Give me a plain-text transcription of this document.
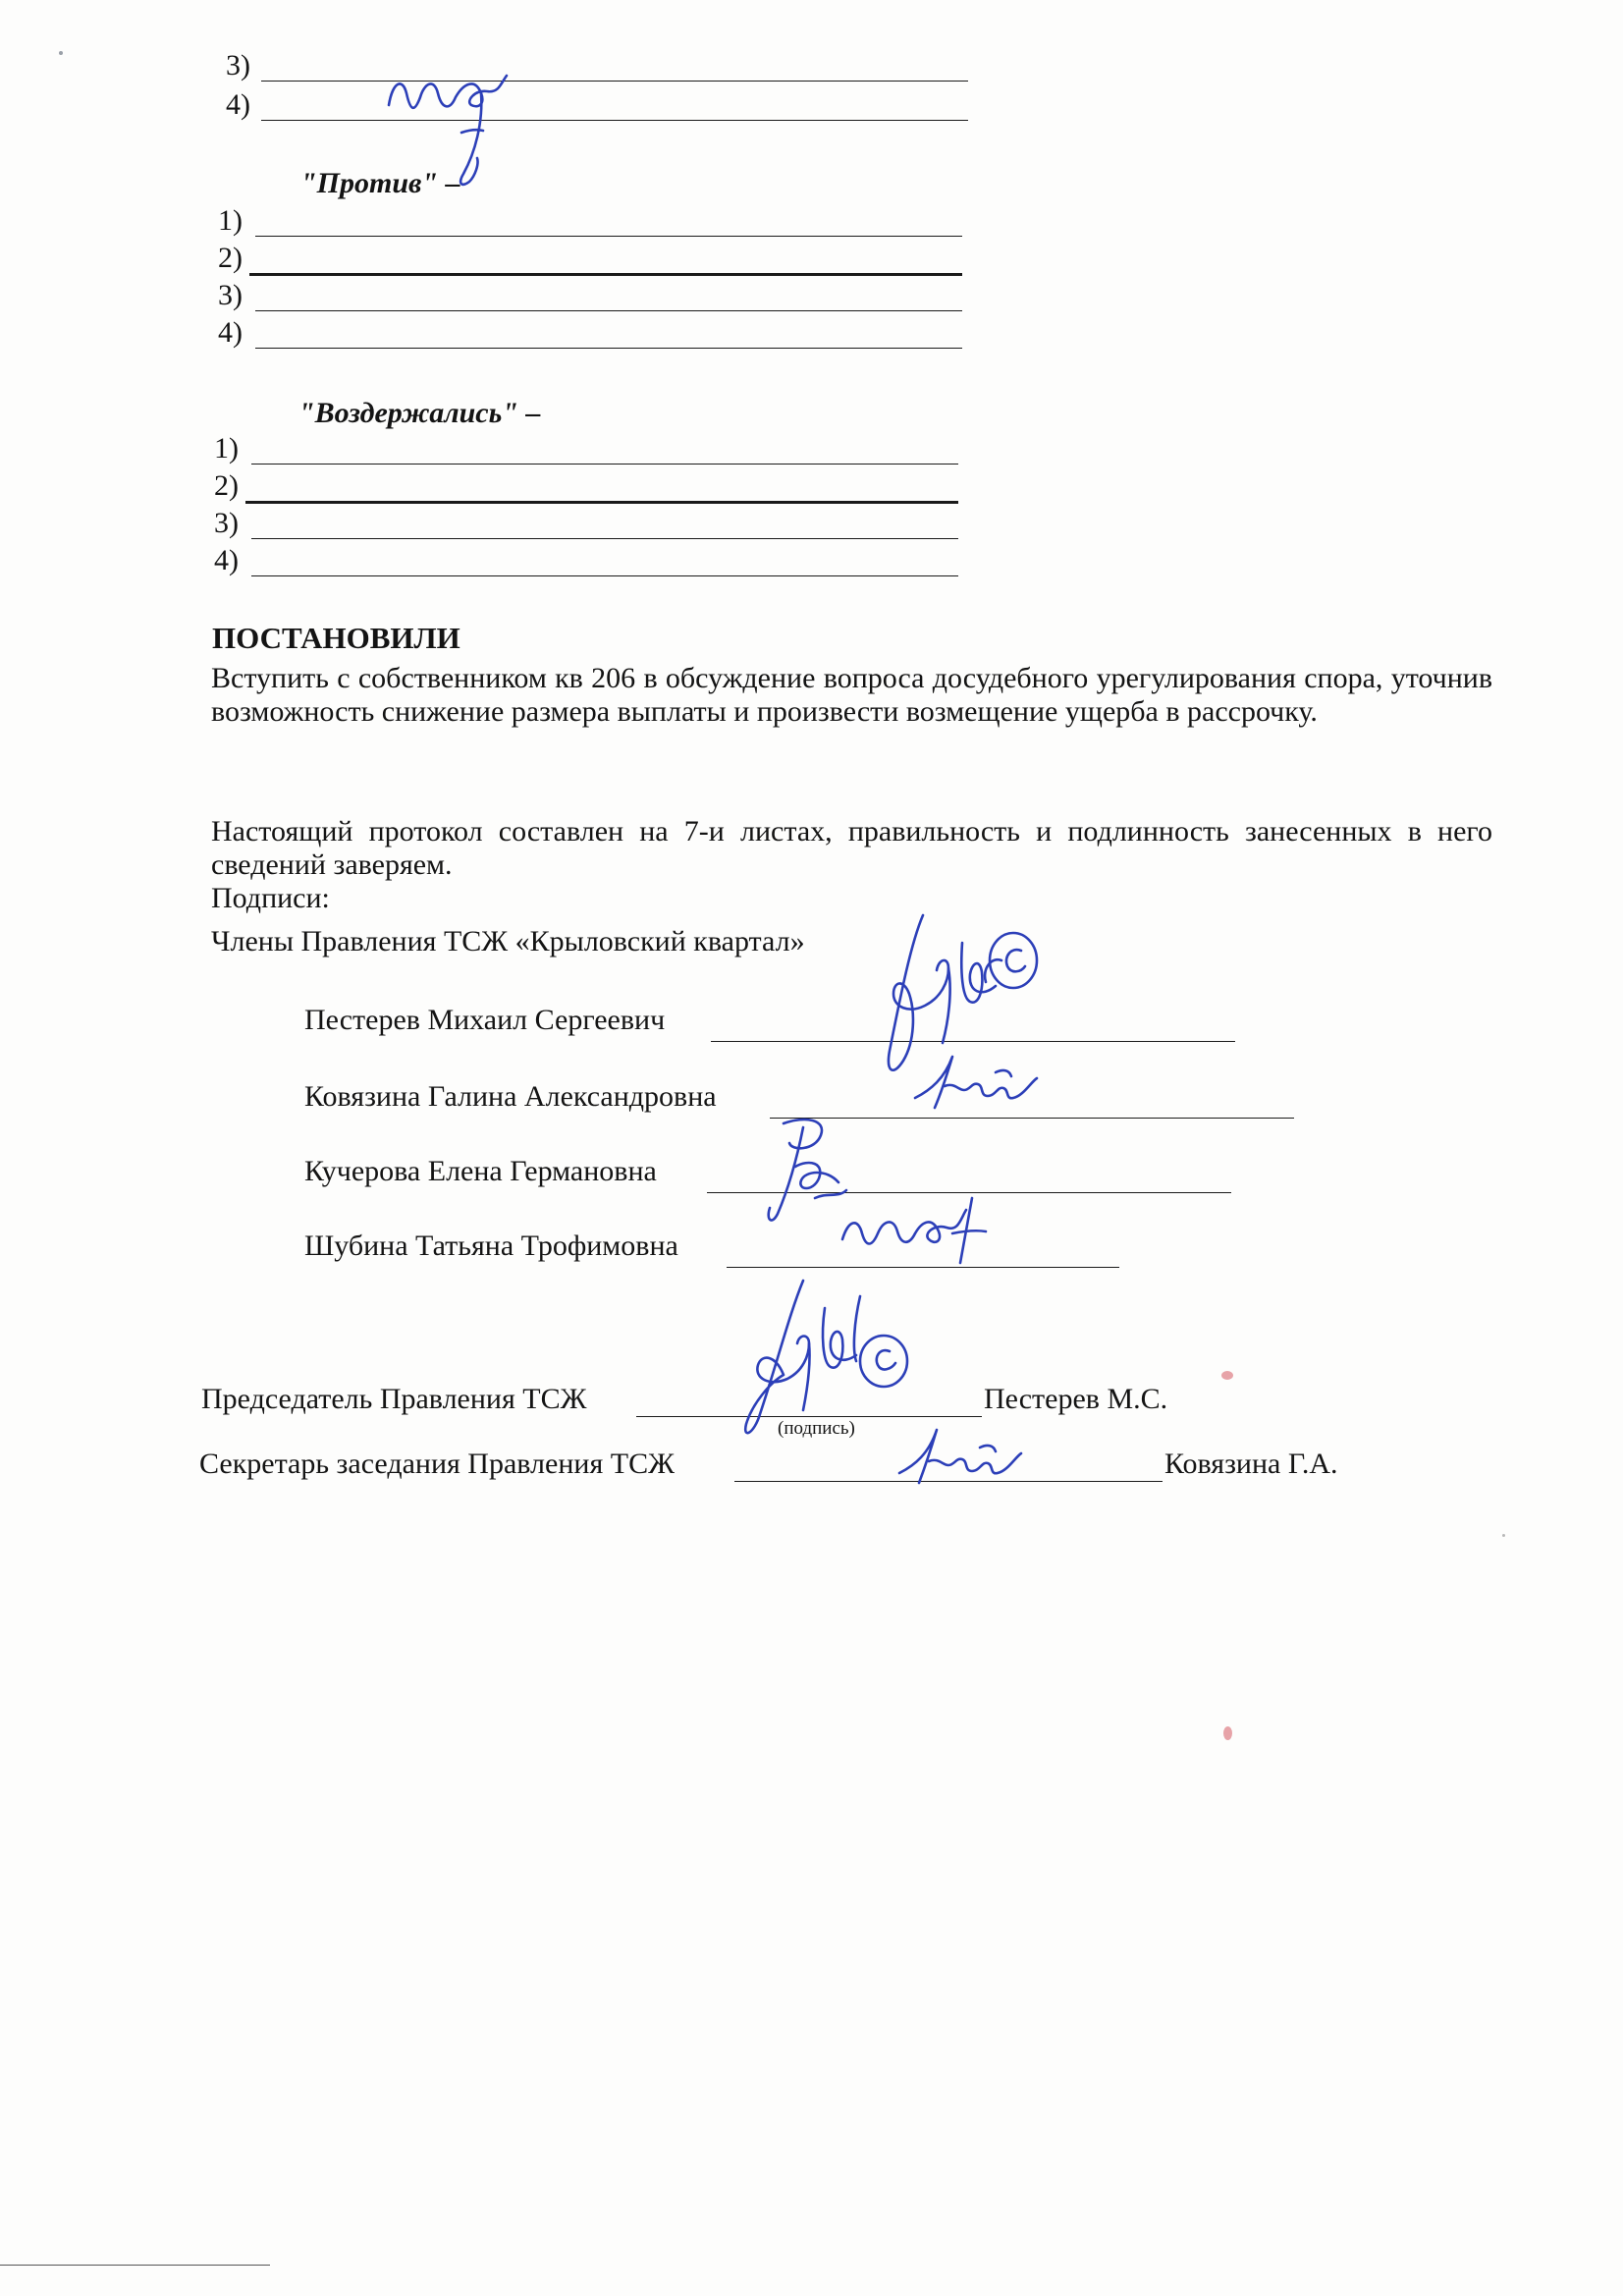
3)
4)
"Против" –
1)
2)
3)
4)
"Воздержались" –
1)
2)
3)
4)
ПОСТАНОВИЛИ
Вступить с собственником кв 206 в обсуждение вопроса досудебного урегулирования спора, уточнив возможность снижение размера выплаты и произвести возмещение ущерба в рассрочку.
Настоящий протокол составлен на 7-и листах, правильность и подлинность занесенных в него сведений заверяем.
Подписи:
Члены Правления ТСЖ «Крыловский квартал»
Пестерев Михаил Сергеевич
Ковязина Галина Александровна
Кучерова Елена Германовна
Шубина Татьяна Трофимовна
Председатель Правления ТСЖ	Пестерев М.С.
(подпись)
Секретарь заседания Правления ТСЖ	Ковязина Г.А.
